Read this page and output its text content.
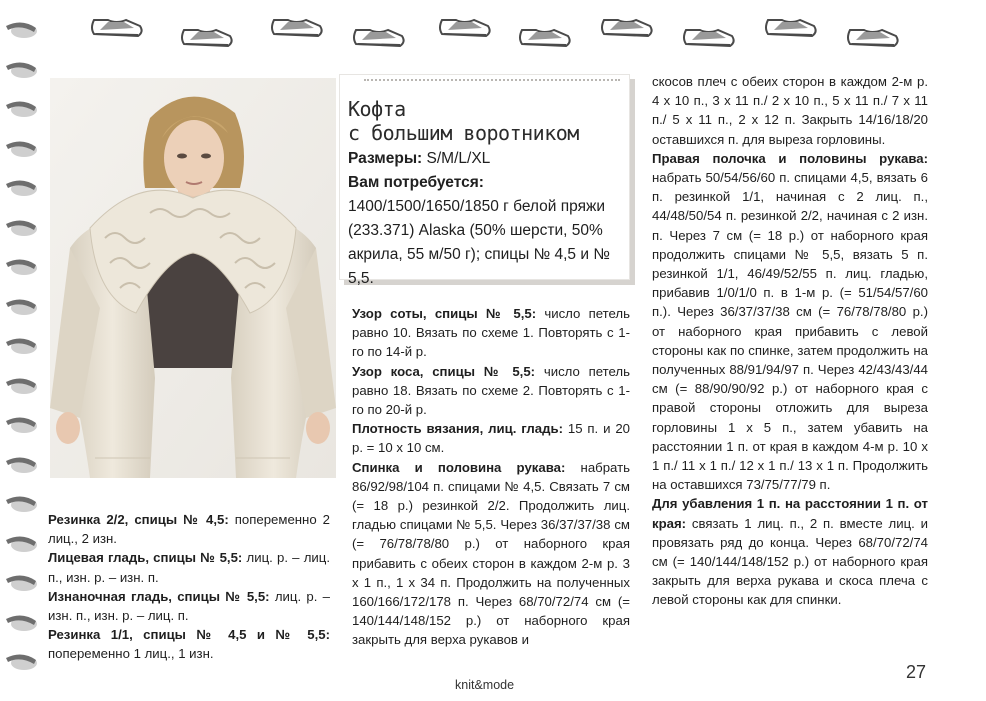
Кофта
с большим воротником
Размеры: S/M/L/XL
Вам потребуется:
1400/1500/1650/1850 г белой пряжи (233.371) Alaska (50% шерсти, 50% акрила, 55 м/50 г); спицы № 4,5 и № 5,5.

Резинка 2/2, спицы № 4,5: попеременно 2 лиц., 2 изн.

Лицевая гладь, спицы № 5,5: лиц. р. – лиц. п., изн. р. – изн. п.

Изнаночная гладь, спицы № 5,5: лиц. р. – изн. п., изн. р. – лиц. п.

Резинка 1/1, спицы № 4,5 и № 5,5: попеременно 1 лиц., 1 изн.

Узор соты, спицы № 5,5: число петель равно 10. Вязать по схеме 1. Повторять с 1-го по 14-й р.

Узор коса, спицы № 5,5: число петель равно 18. Вязать по схеме 2. Повторять с 1-го по 20-й р.

Плотность вязания, лиц. гладь: 15 п. и 20 р. = 10 х 10 см.

Спинка и половина рукава: набрать 86/92/98/104 п. спицами № 4,5. Связать 7 см (= 18 р.) резинкой 2/2. Продолжить лиц. гладью спицами № 5,5. Через 36/37/37/38 см (= 76/78/78/80 р.) от наборного края прибавить с обеих сторон в каждом 2-м р. 3 х 1 п., 1 х 34 п. Продолжить на полученных 160/166/172/178 п. Через 68/70/72/74 см (= 140/144/148/152 р.) от наборного края закрыть для верха рукавов и

скосов плеч с обеих сторон в каждом 2-м р. 4 х 10 п., 3 х 11 п./ 2 х 10 п., 5 х 11 п./ 7 х 11 п./ 5 х 11 п., 2 х 12 п. Закрыть 14/16/18/20 оставшихся п. для выреза горловины.

Правая полочка и половины рукава: набрать 50/54/56/60 п. спицами 4,5, вязать 6 п. резинкой 1/1, начиная с 2 лиц. п., 44/48/50/54 п. резинкой 2/2, начиная с 2 изн. п. Через 7 см (= 18 р.) от наборного края продолжить спицами № 5,5, вязать 5 п. резинкой 1/1, 46/49/52/55 п. лиц. гладью, прибавив 1/0/1/0 п. в 1-м р. (= 51/54/57/60 п.). Через 36/37/37/38 см (= 76/78/78/80 р.) от наборного края прибавить с левой стороны как по спинке, затем продолжить на полученных 88/91/94/97 п. Через 42/43/43/44 см (= 88/90/90/92 р.) от наборного края с правой стороны отложить для выреза горловины 1 х 5 п., затем убавить на расстоянии 1 п. от края в каждом 4-м р. 10 х 1 п./ 11 х 1 п./ 12 х 1 п./ 13 х 1 п. Продолжить на оставшихся 73/75/77/79 п.

Для убавления 1 п. на расстоянии 1 п. от края: связать 1 лиц. п., 2 п. вместе лиц. и провязать ряд до конца. Через 68/70/72/74 см (= 140/144/148/152 р.) от наборного края закрыть для верха рукава и скоса плеча с левой стороны как для спинки.

knit&mode
27
